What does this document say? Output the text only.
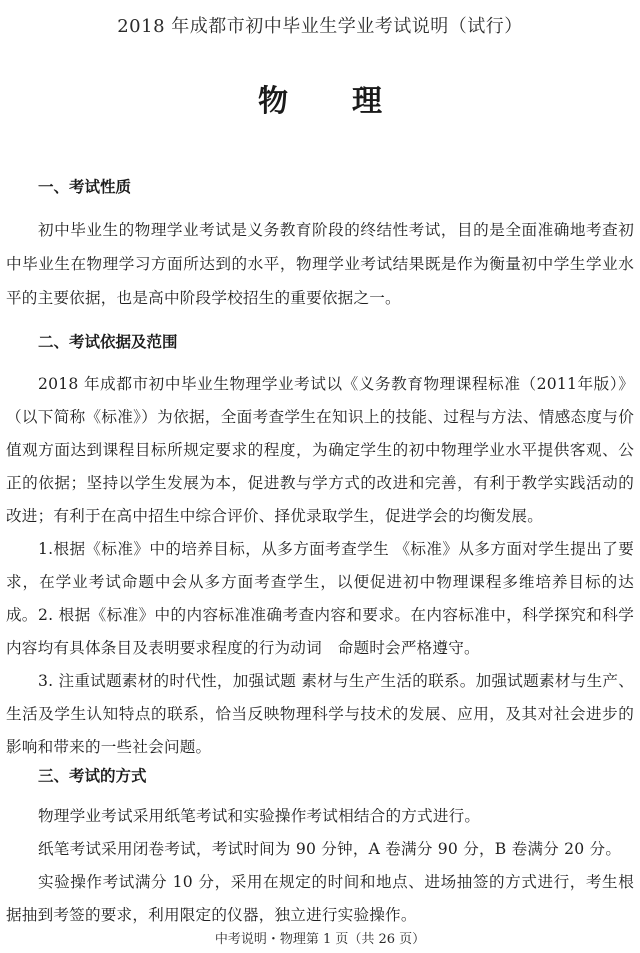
2018 年成都市初中毕业生学业考试说明（试行）
物 理
一、考试性质
初中毕业生的物理学业考试是义务教育阶段的终结性考试，目的是全面准确地考查初中毕业生在物理学习方面所达到的水平，物理学业考试结果既是作为衡量初中学生学业水平的主要依据，也是高中阶段学校招生的重要依据之一。
二、考试依据及范围
2018 年成都市初中毕业生物理学业考试以《义务教育物理课程标准（2011年版）》（以下简称《标准》）为依据，全面考查学生在知识上的技能、过程与方法、情感态度与价值观方面达到课程目标所规定要求的程度，为确定学生的初中物理学业水平提供客观、公正的依据；坚持以学生发展为本，促进教与学方式的改进和完善，有利于教学实践活动的改进；有利于在高中招生中综合评价、择优录取学生，促进学会的均衡发展。
1.根据《标准》中的培养目标，从多方面考查学生 《标准》从多方面对学生提出了要求，在学业考试命题中会从多方面考查学生，以便促进初中物理课程多维培养目标的达成。 2. 根据《标准》中的内容标准准确考查内容和要求。在内容标准中，科学探究和科学内容均有具体条目及表明要求程度的行为动词　命题时会严格遵守。
3. 注重试题素材的时代性，加强试题 素材与生产生活的联系。加强试题素材与生产、生活及学生认知特点的联系，恰当反映物理科学与技术的发展、应用，及其对社会进步的影响和带来的一些社会问题。
三、考试的方式
物理学业考试采用纸笔考试和实验操作考试相结合的方式进行。
纸笔考试采用闭卷考试，考试时间为 90 分钟，A 卷满分 90 分，B 卷满分 20 分。
实验操作考试满分 10 分，采用在规定的时间和地点、进场抽签的方式进行，考生根据抽到考签的要求，利用限定的仪器，独立进行实验操作。
中考说明・物理第 1 页（共 26 页）
